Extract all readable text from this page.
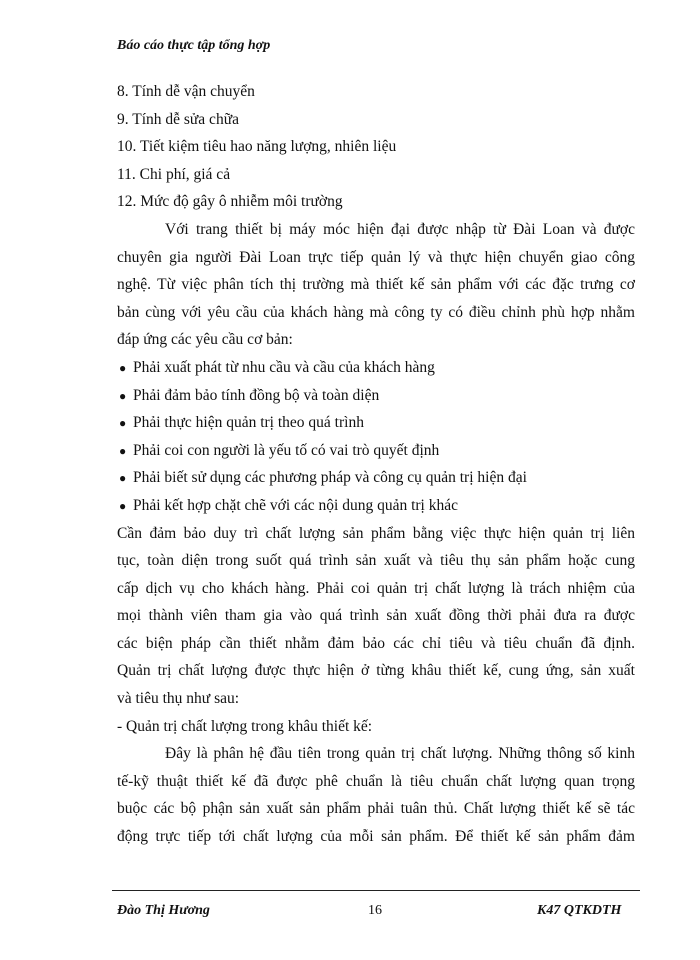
Báo cáo thực tập tổng hợp
8. Tính dễ vận chuyển
9. Tính dễ sửa chữa
10. Tiết kiệm tiêu hao năng lượng, nhiên liệu
11. Chi phí, giá cả
12. Mức độ gây ô nhiễm môi trường
Với trang thiết bị máy móc hiện đại được nhập từ Đài Loan và được
chuyên gia người Đài Loan trực tiếp quản lý và thực hiện chuyển giao công
nghệ. Từ việc phân tích thị trường mà thiết kế sản phẩm với các đặc trưng cơ
bản cùng với yêu cầu của khách hàng mà công ty có điều chỉnh phù hợp nhằm
đáp ứng các yêu cầu cơ bản:
● Phải xuất phát từ nhu cầu và cầu của khách hàng
● Phải đảm bảo tính đồng bộ và toàn diện
● Phải thực hiện quản trị theo quá trình
● Phải coi con người là yếu tố có vai trò quyết định
● Phải biết sử dụng các phương pháp và công cụ quản trị hiện đại
● Phải kết hợp chặt chẽ với các nội dung quản trị khác
Cần đảm bảo duy trì chất lượng sản phẩm bằng việc thực hiện quản trị liên
tục, toàn diện trong suốt quá trình sản xuất và tiêu thụ sản phẩm hoặc cung
cấp dịch vụ cho khách hàng. Phải coi quản trị chất lượng là trách nhiệm của
mọi thành viên tham gia vào quá trình sản xuất đồng thời phải đưa ra được
các biện pháp cần thiết nhằm đảm bảo các chỉ tiêu và tiêu chuẩn đã định.
Quản trị chất lượng được thực hiện ở từng khâu thiết kế, cung ứng, sản xuất
và tiêu thụ như sau:
- Quản trị chất lượng trong khâu thiết kế:
Đây là phân hệ đầu tiên trong quản trị chất lượng. Những thông số kinh
tế-kỹ thuật thiết kế đã được phê chuẩn là tiêu chuẩn chất lượng quan trọng
buộc các bộ phận sản xuất sản phẩm phải tuân thủ. Chất lượng thiết kế sẽ tác
động trực tiếp tới chất lượng của mỗi sản phẩm. Để thiết kế sản phẩm đảm
Đào Thị Hương	16	K47 QTKDTH
